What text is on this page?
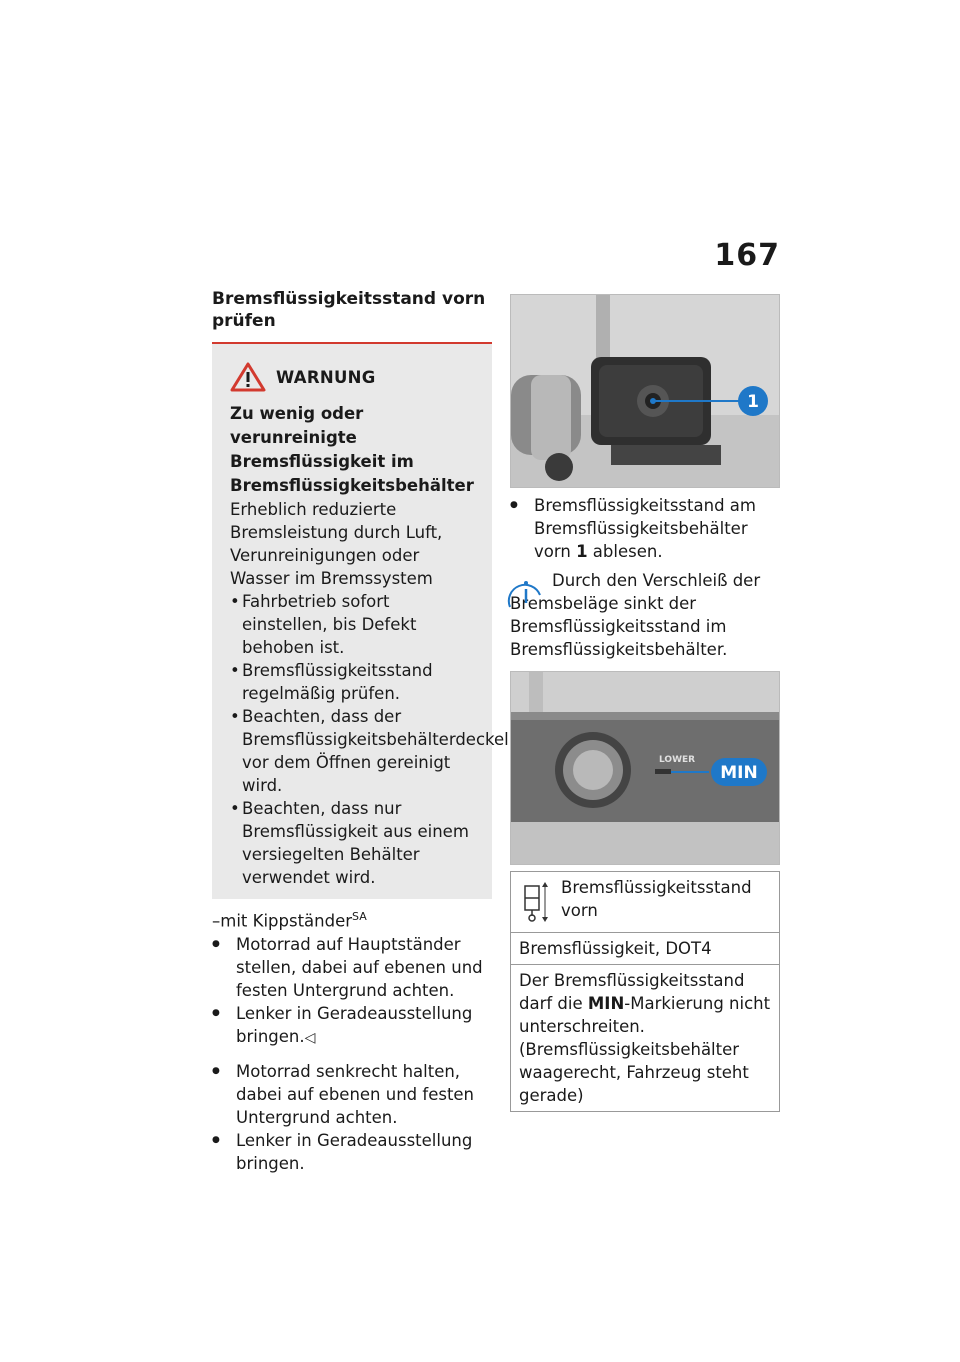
167
Bremsflüssigkeitsstand vorn prüfen
WARNUNG
Zu wenig oder verunreinigte Bremsflüssigkeit im Bremsflüssigkeitsbehälter
Erheblich reduzierte Bremsleistung durch Luft, Verunreinigungen oder Wasser im Bremssystem
• Fahrbetrieb sofort einstellen, bis Defekt behoben ist.
• Bremsflüssigkeitsstand regelmäßig prüfen.
• Beachten, dass der Bremsflüssigkeitsbehälterdeckel vor dem Öffnen gereinigt wird.
• Beachten, dass nur Bremsflüssigkeit aus einem versiegelten Behälter verwendet wird.
–mit Kippständer$^{SA}$
● Motorrad auf Hauptständer stellen, dabei auf ebenen und festen Untergrund achten.
● Lenker in Geradeausstellung bringen.◁
● Motorrad senkrecht halten, dabei auf ebenen und festen Untergrund achten.
● Lenker in Geradeausstellung bringen.
1
● Bremsflüssigkeitsstand am Bremsflüssigkeitsbehälter vorn 1 ablesen.
Durch den Verschleiß der Bremsbeläge sinkt der Bremsflüssigkeitsstand im Bremsflüssigkeitsbehälter.
LOWER
MIN
Bremsflüssigkeitsstand vorn

Bremsflüssigkeit, DOT4
Der Bremsflüssigkeitsstand darf die MIN-Markierung nicht unterschreiten. (Bremsflüssigkeitsbehälter waagerecht, Fahrzeug steht gerade)
